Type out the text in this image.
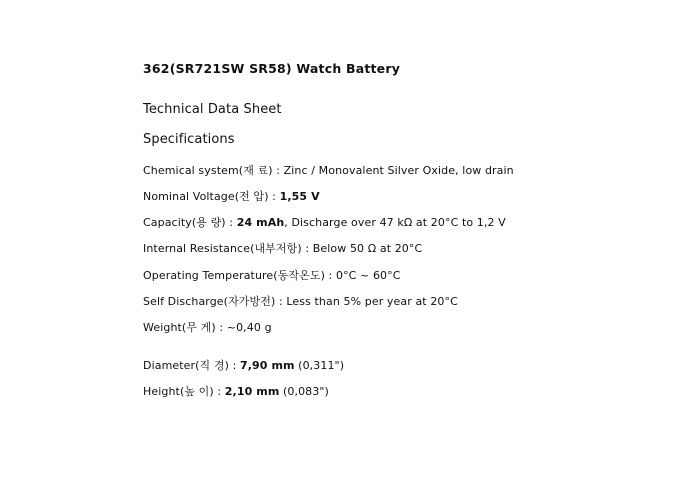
362(SR721SW SR58) Watch Battery
Technical Data Sheet
Specifications
Chemical system(재 료) : Zinc / Monovalent Silver Oxide, low drain
Nominal Voltage(전 압) : 1,55 V
Capacity(용 량) : 24 mAh, Discharge over 47 kΩ at 20°C to 1,2 V
Internal Resistance(내부저항) : Below 50 Ω at 20°C
Operating Temperature(동작온도) : 0°C ~ 60°C
Self Discharge(자가방전) : Less than 5% per year at 20°C
Weight(무 게) : ~0,40 g
Diameter(직 경) : 7,90 mm (0,311")
Height(높 이) : 2,10 mm (0,083")
